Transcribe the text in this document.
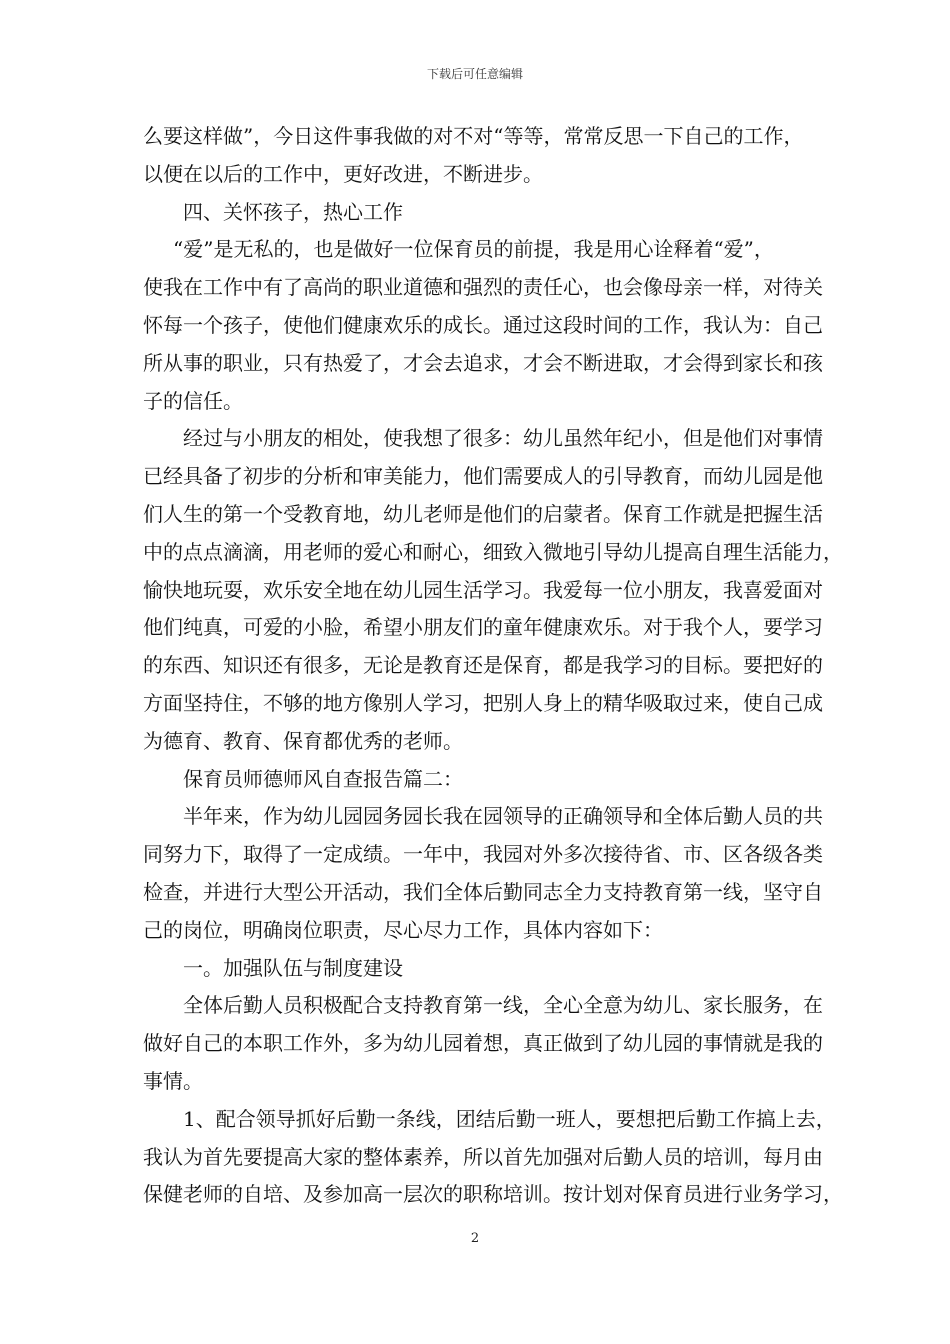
下载后可任意编辑
么要这样做”，今日这件事我做的对不对“等等，常常反思一下自己的工作，
以便在以后的工作中，更好改进，不断进步。
四、关怀孩子，热心工作
“爱”是无私的，也是做好一位保育员的前提，我是用心诠释着“爱”，
使我在工作中有了高尚的职业道德和强烈的责任心，也会像母亲一样，对待关
怀每一个孩子，使他们健康欢乐的成长。通过这段时间的工作，我认为：自己
所从事的职业，只有热爱了，才会去追求，才会不断进取，才会得到家长和孩
子的信任。
经过与小朋友的相处，使我想了很多：幼儿虽然年纪小，但是他们对事情
已经具备了初步的分析和审美能力，他们需要成人的引导教育，而幼儿园是他
们人生的第一个受教育地，幼儿老师是他们的启蒙者。保育工作就是把握生活
中的点点滴滴，用老师的爱心和耐心，细致入微地引导幼儿提高自理生活能力，
愉快地玩耍，欢乐安全地在幼儿园生活学习。我爱每一位小朋友，我喜爱面对
他们纯真，可爱的小脸，希望小朋友们的童年健康欢乐。对于我个人，要学习
的东西、知识还有很多，无论是教育还是保育，都是我学习的目标。要把好的
方面坚持住，不够的地方像别人学习，把别人身上的精华吸取过来，使自己成
为德育、教育、保育都优秀的老师。
保育员师德师风自查报告篇二：
半年来，作为幼儿园园务园长我在园领导的正确领导和全体后勤人员的共
同努力下，取得了一定成绩。一年中，我园对外多次接待省、市、区各级各类
检查，并进行大型公开活动，我们全体后勤同志全力支持教育第一线，坚守自
己的岗位，明确岗位职责，尽心尽力工作，具体内容如下：
一。加强队伍与制度建设
全体后勤人员积极配合支持教育第一线，全心全意为幼儿、家长服务，在
做好自己的本职工作外，多为幼儿园着想，真正做到了幼儿园的事情就是我的
事情。
1、配合领导抓好后勤一条线，团结后勤一班人，要想把后勤工作搞上去，
我认为首先要提高大家的整体素养，所以首先加强对后勤人员的培训，每月由
保健老师的自培、及参加高一层次的职称培训。按计划对保育员进行业务学习，
2
